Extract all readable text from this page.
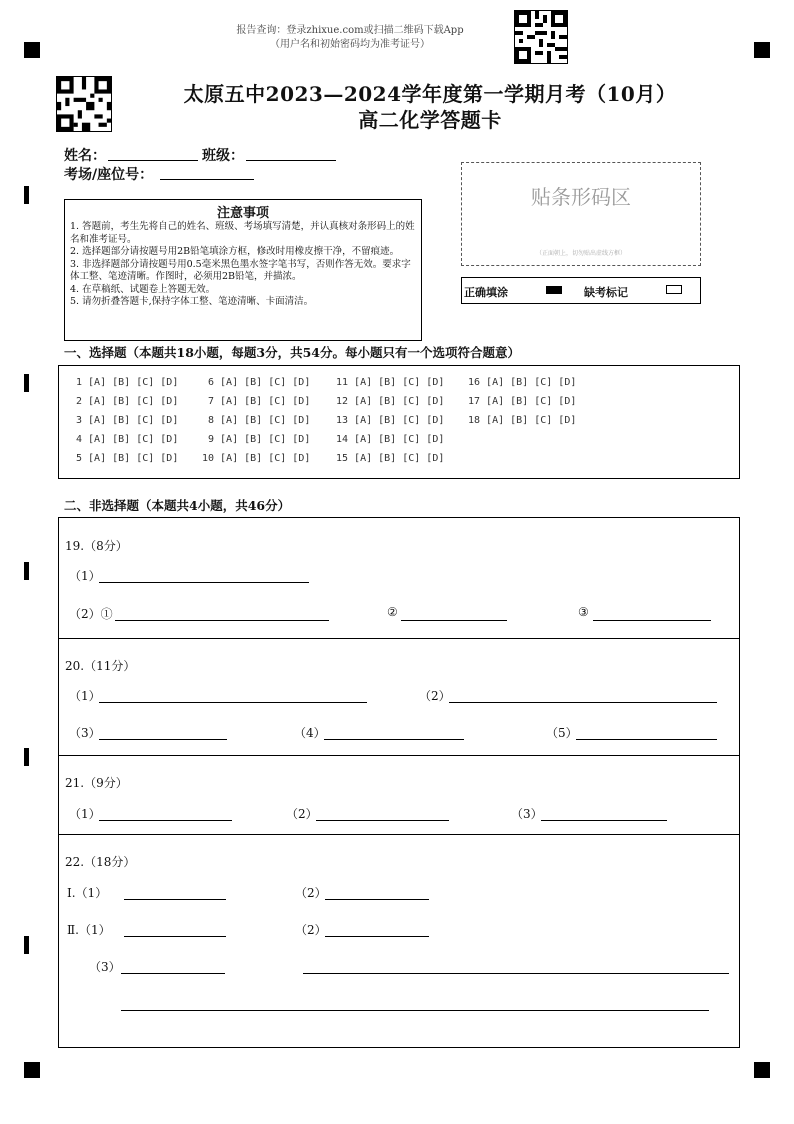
报告查询：登录zhixue.com或扫描二维码下载App
（用户名和初始密码均为准考证号）
太原五中2023—2024学年度第一学期月考（10月）
高二化学答题卡
姓名：	班级：
考场/座位号：
注意事项
1. 答题前，考生先将自己的姓名、班级、考场填写清楚，并认真核对条形码上的姓名和准考证号。
2. 选择题部分请按题号用2B铅笔填涂方框，修改时用橡皮擦干净，不留痕迹。
3. 非选择题部分请按题号用0.5毫米黑色墨水签字笔书写，否则作答无效。要求字体工整、笔迹清晰。作图时，必须用2B铅笔，并描浓。
4. 在草稿纸、试题卷上答题无效。
5. 请勿折叠答题卡,保持字体工整、笔迹清晰、卡面清洁。
贴条形码区
（正面朝上，切勿贴出虚线方框）
正确填涂	缺考标记
一、选择题（本题共18小题，每题3分，共54分。每小题只有一个选项符合题意）
1 [A] [B] [C] [D]
2 [A] [B] [C] [D]
3 [A] [B] [C] [D]
4 [A] [B] [C] [D]
5 [A] [B] [C] [D]
6 [A] [B] [C] [D]
7 [A] [B] [C] [D]
8 [A] [B] [C] [D]
9 [A] [B] [C] [D]
10 [A] [B] [C] [D]
11 [A] [B] [C] [D]
12 [A] [B] [C] [D]
13 [A] [B] [C] [D]
14 [A] [B] [C] [D]
15 [A] [B] [C] [D]
16 [A] [B] [C] [D]
17 [A] [B] [C] [D]
18 [A] [B] [C] [D]
二、非选择题（本题共4小题，共46分）
19.（8分）
（1）
（2）①	②	③
20.（11分）
（1）	（2）
（3）	（4）	（5）
21.（9分）
（1）	（2）	（3）
22.（18分）
Ⅰ.（1）	（2）
Ⅱ.（1）	（2）
（3）
